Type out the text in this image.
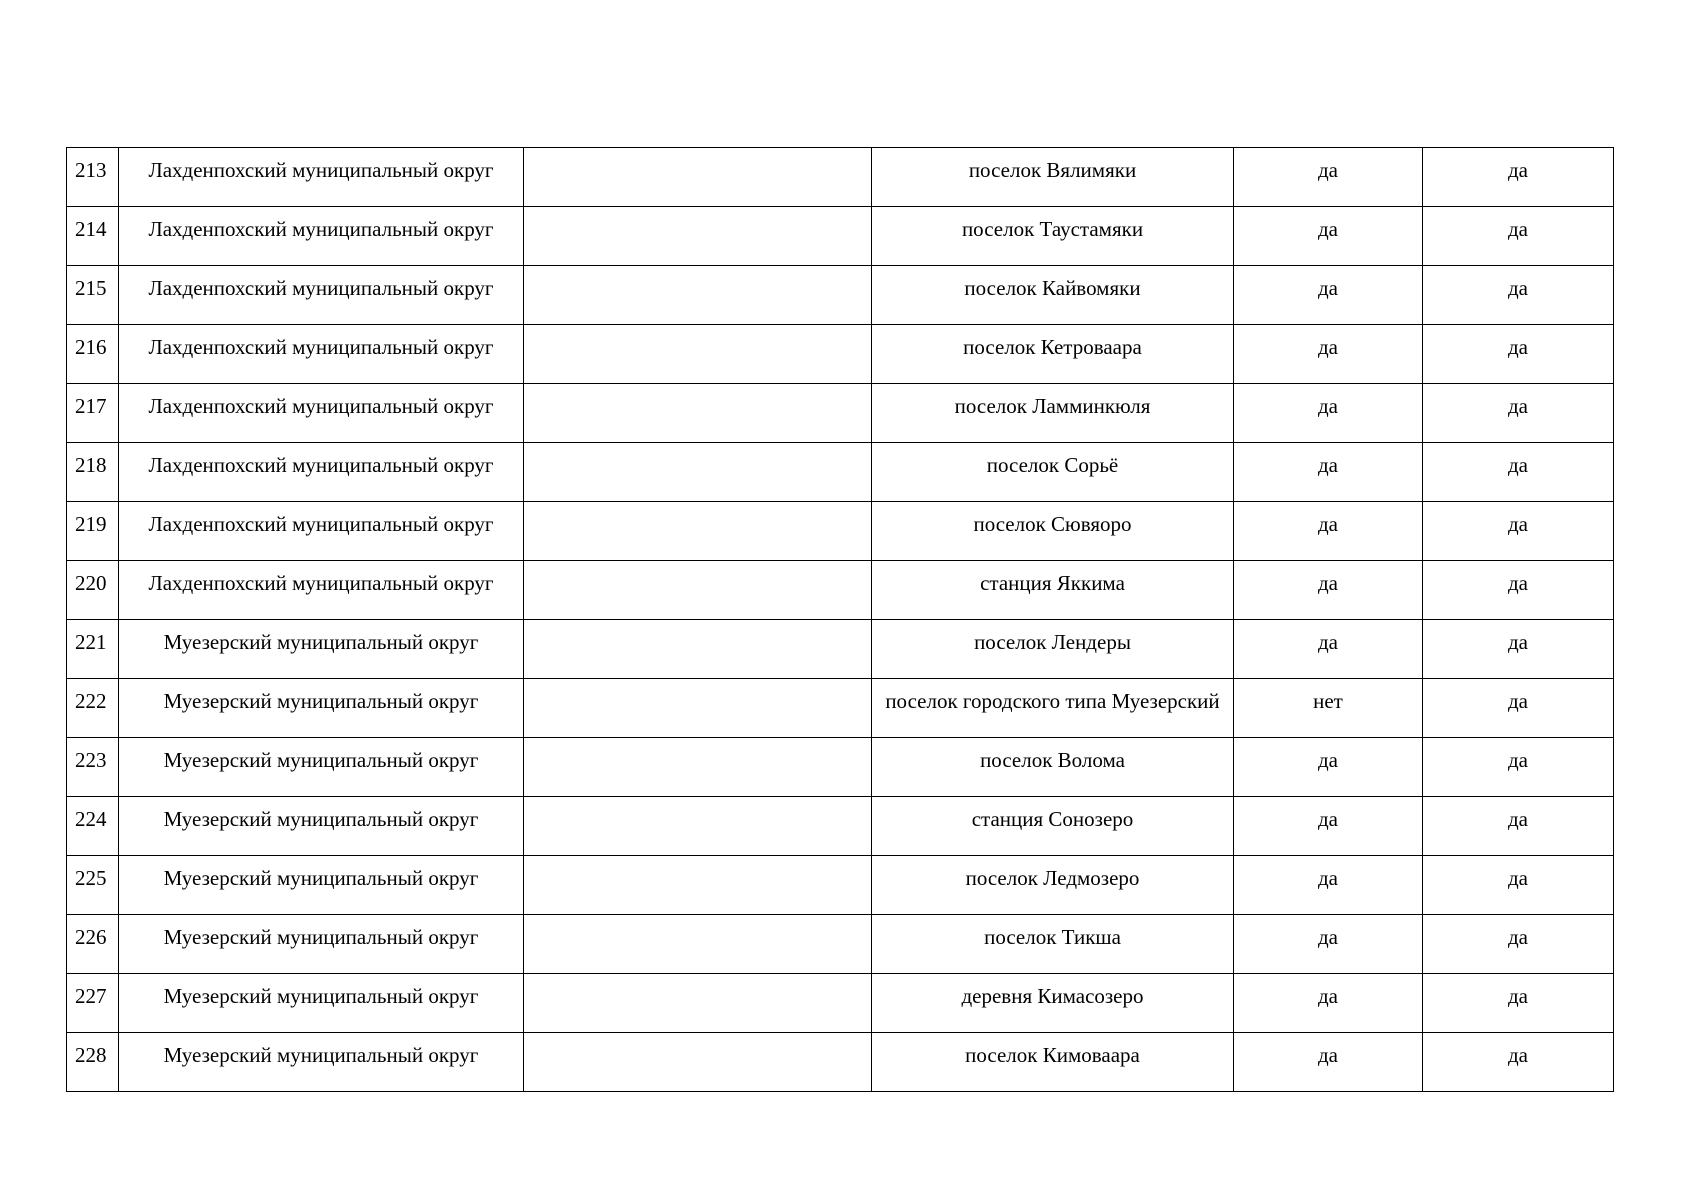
213	Лахденпохский муниципальный округ		поселок Вялимяки	да	да

214	Лахденпохский муниципальный округ		поселок Таустамяки	да	да

215	Лахденпохский муниципальный округ		поселок Кайвомяки	да	да

216	Лахденпохский муниципальный округ		поселок Кетроваара	да	да

217	Лахденпохский муниципальный округ		поселок Ламминкюля	да	да

218	Лахденпохский муниципальный округ		поселок Сорьё	да	да

219	Лахденпохский муниципальный округ		поселок Сювяоро	да	да

220	Лахденпохский муниципальный округ		станция Яккима	да	да

221	Муезерский муниципальный округ		поселок Лендеры	да	да

222	Муезерский муниципальный округ		поселок городского типа Муезерский	нет	да

223	Муезерский муниципальный округ		поселок Волома	да	да

224	Муезерский муниципальный округ		станция Сонозеро	да	да

225	Муезерский муниципальный округ		поселок Ледмозеро	да	да

226	Муезерский муниципальный округ		поселок Тикша	да	да

227	Муезерский муниципальный округ		деревня Кимасозеро	да	да

228	Муезерский муниципальный округ		поселок Кимоваара	да	да
